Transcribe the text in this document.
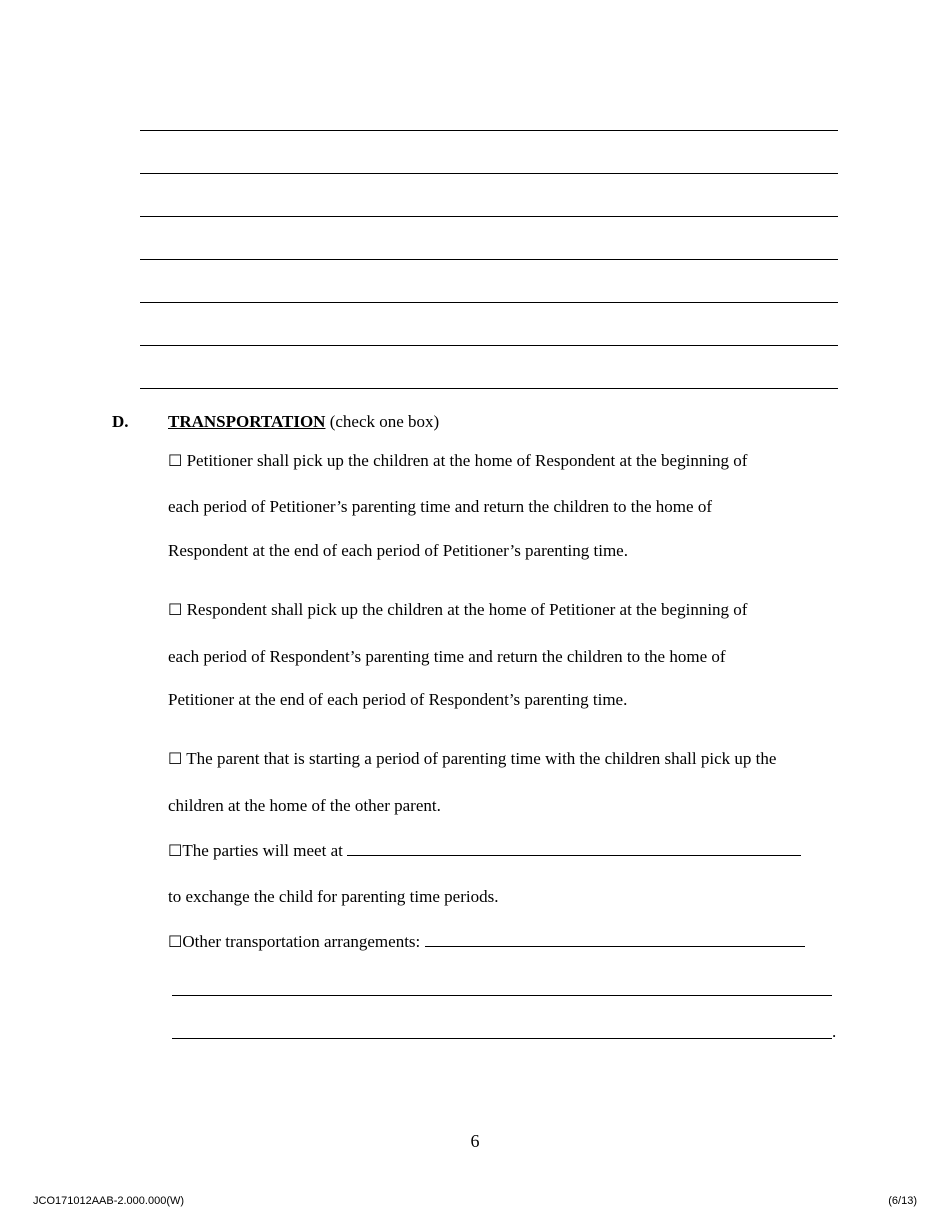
D. TRANSPORTATION (check one box)
☐ Petitioner shall pick up the children at the home of Respondent at the beginning of
each period of Petitioner’s parenting time and return the children to the home of
Respondent at the end of each period of Petitioner’s parenting time.
☐ Respondent shall pick up the children at the home of Petitioner at the beginning of
each period of Respondent’s parenting time and return the children to the home of
Petitioner at the end of each period of Respondent’s parenting time.
☐ The parent that is starting a period of parenting time with the children shall pick up the
children at the home of the other parent.
☐The parties will meet at
to exchange the child for parenting time periods.
☐Other transportation arrangements:
.
6
JCO171012AAB-2.000.000(W)	(6/13)
